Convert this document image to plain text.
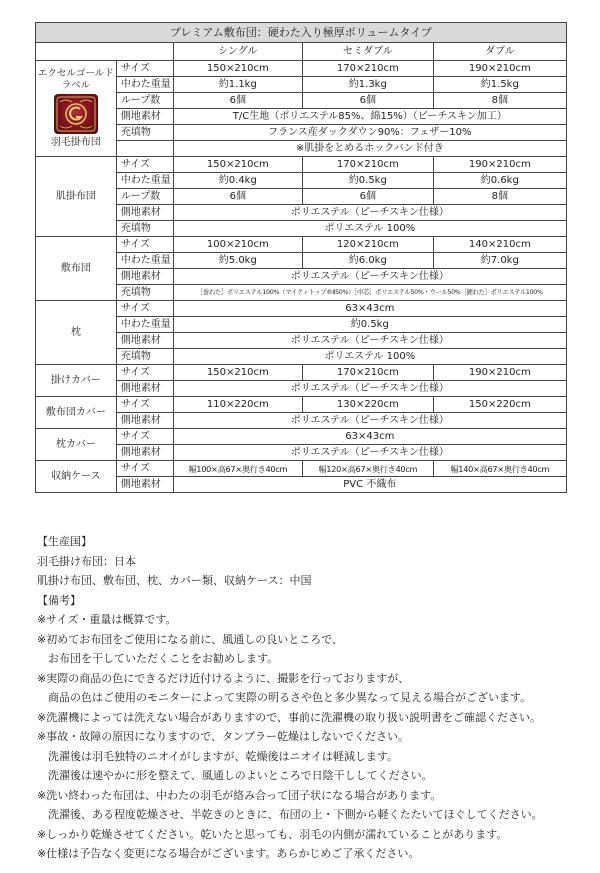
プレミアム敷布団：硬わた入り極厚ボリュームタイプ				
		シングル	セミダブル	ダブル

エクセルゴールド
ラベル
羽毛掛布団	サイズ	150×210cm	170×210cm	190×210cm
	中わた重量	約1.1kg	約1.3kg	約1.5kg
	ループ数	6個	6個	8個
	側地素材	T/C生地（ポリエステル85%、綿15%）（ピーチスキン加工）		
	充填物	フランス産ダックダウン90%：フェザー10%		
		※肌掛をとめるホックバンド付き		
肌掛布団	サイズ	150×210cm	170×210cm	190×210cm
	中わた重量	約0.4kg	約0.5kg	約0.6kg
	ループ数	6個	6個	8個
	側地素材	ポリエステル（ピーチスキン仕様）		
	充填物	ポリエステル 100%		
敷布団	サイズ	100×210cm	120×210cm	140×210cm
	中わた重量	約5.0kg	約6.0kg	約7.0kg
	側地素材	ポリエステル（ピーチスキン仕様）		
	充填物	［巻わた］ポリエステル100%（マイティトップ®Ⅱ50%）［中芯］ポリエステル50%・ウール50%［硬わた］ポリエステル100%		
枕	サイズ	63×43cm		
	中わた重量	約0.5kg		
	側地素材	ポリエステル（ピーチスキン仕様）		
	充填物	ポリエステル 100%		
掛けカバー	サイズ	150×210cm	170×210cm	190×210cm
	側地素材	ポリエステル（ピーチスキン仕様）		
敷布団カバー	サイズ	110×220cm	130×220cm	150×220cm
	側地素材	ポリエステル（ピーチスキン仕様）		
枕カバー	サイズ	63×43cm		
	側地素材	ポリエステル（ピーチスキン仕様）		
収納ケース	サイズ	幅100×高67×奥行き40cm	幅120×高67×奥行き40cm	幅140×高67×奥行き40cm
	側地素材	PVC 不織布		
【生産国】
羽毛掛け布団：日本
肌掛け布団、敷布団、枕、カバー類、収納ケース：中国
【備考】
※サイズ・重量は概算です。
※初めてお布団をご使用になる前に、風通しの良いところで、
お布団を干していただくことをお勧めします。
※実際の商品の色にできるだけ近付けるように、撮影を行っておりますが、
商品の色はご使用のモニターによって実際の明るさや色と多少異なって見える場合がございます。
※洗濯機によっては洗えない場合がありますので、事前に洗濯機の取り扱い説明書をご確認ください。
※事故・故障の原因になりますので、タンブラー乾燥はしないでください。
洗濯後は羽毛独特のニオイがしますが、乾燥後はニオイは軽減します。
洗濯後は速やかに形を整えて、風通しのよいところで日陰干ししてください。
※洗い終わった布団は、中わたの羽毛が絡み合って団子状になる場合があります。
洗濯後、ある程度乾燥させ、半乾きのときに、布団の上・下側から軽くたたいてほぐしてください。
※しっかり乾燥させてください。乾いたと思っても、羽毛の内側が濡れていることがあります。
※仕様は予告なく変更になる場合がございます。あらかじめご了承ください。
